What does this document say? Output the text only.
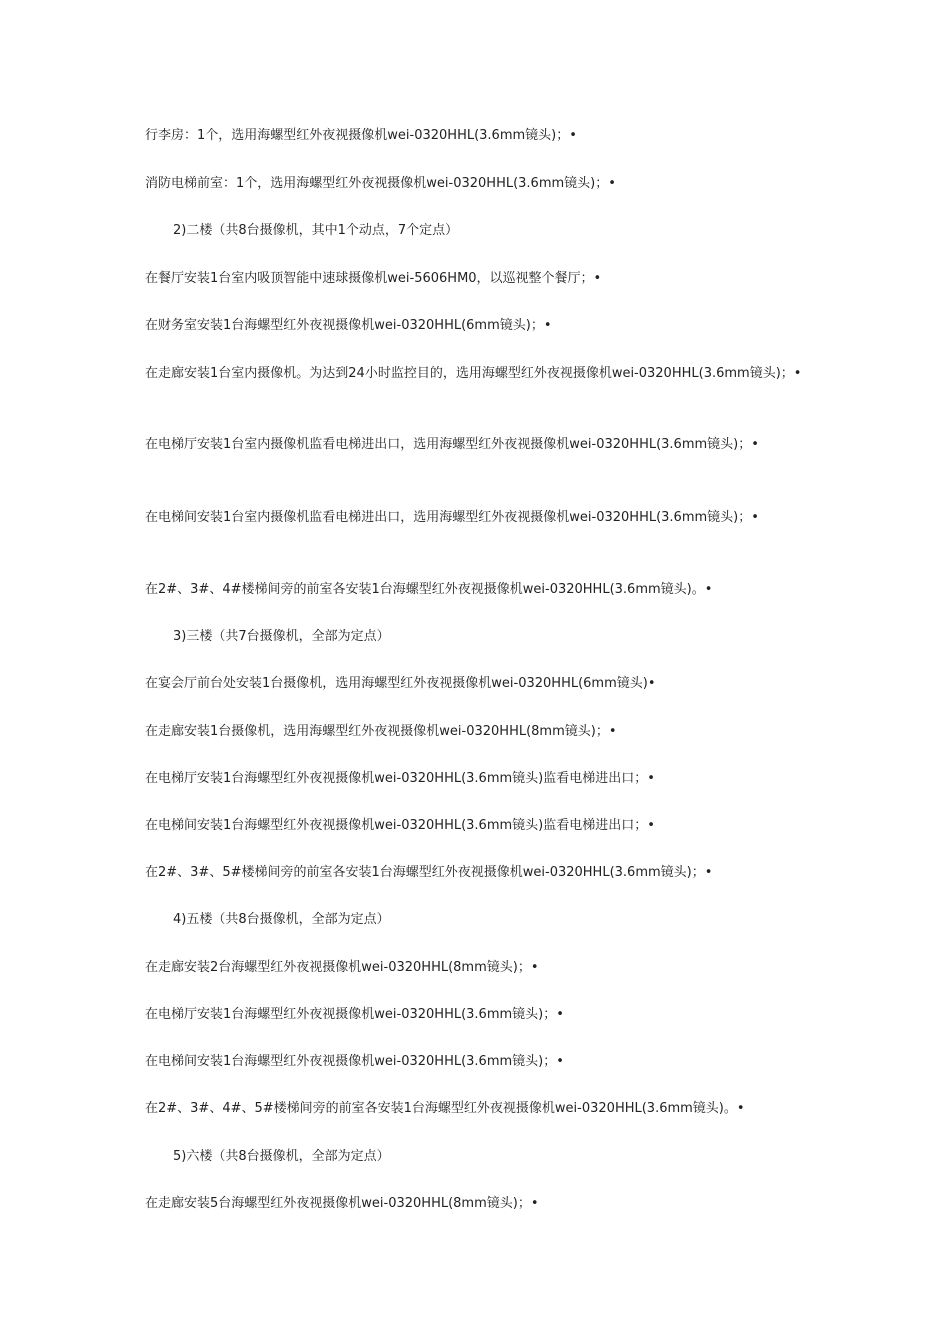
行李房：1个，选用海螺型红外夜视摄像机wei-0320HHL(3.6mm镜头)；•
消防电梯前室：1个，选用海螺型红外夜视摄像机wei-0320HHL(3.6mm镜头)；•
2)二楼（共8台摄像机，其中1个动点，7个定点）
在餐厅安装1台室内吸顶智能中速球摄像机wei-5606HM0，以巡视整个餐厅；•
在财务室安装1台海螺型红外夜视摄像机wei-0320HHL(6mm镜头)；•
在走廊安装1台室内摄像机。为达到24小时监控目的，选用海螺型红外夜视摄像机wei-0320HHL(3.6mm镜头)；•
在电梯厅安装1台室内摄像机监看电梯进出口，选用海螺型红外夜视摄像机wei-0320HHL(3.6mm镜头)；•
在电梯间安装1台室内摄像机监看电梯进出口，选用海螺型红外夜视摄像机wei-0320HHL(3.6mm镜头)；•
在2#、3#、4#楼梯间旁的前室各安装1台海螺型红外夜视摄像机wei-0320HHL(3.6mm镜头)。•
3)三楼（共7台摄像机，全部为定点）
在宴会厅前台处安装1台摄像机，选用海螺型红外夜视摄像机wei-0320HHL(6mm镜头)•
在走廊安装1台摄像机，选用海螺型红外夜视摄像机wei-0320HHL(8mm镜头)；•
在电梯厅安装1台海螺型红外夜视摄像机wei-0320HHL(3.6mm镜头)监看电梯进出口；•
在电梯间安装1台海螺型红外夜视摄像机wei-0320HHL(3.6mm镜头)监看电梯进出口；•
在2#、3#、5#楼梯间旁的前室各安装1台海螺型红外夜视摄像机wei-0320HHL(3.6mm镜头)；•
4)五楼（共8台摄像机，全部为定点）
在走廊安装2台海螺型红外夜视摄像机wei-0320HHL(8mm镜头)；•
在电梯厅安装1台海螺型红外夜视摄像机wei-0320HHL(3.6mm镜头)；•
在电梯间安装1台海螺型红外夜视摄像机wei-0320HHL(3.6mm镜头)；•
在2#、3#、4#、5#楼梯间旁的前室各安装1台海螺型红外夜视摄像机wei-0320HHL(3.6mm镜头)。•
5)六楼（共8台摄像机，全部为定点）
在走廊安装5台海螺型红外夜视摄像机wei-0320HHL(8mm镜头)；•
